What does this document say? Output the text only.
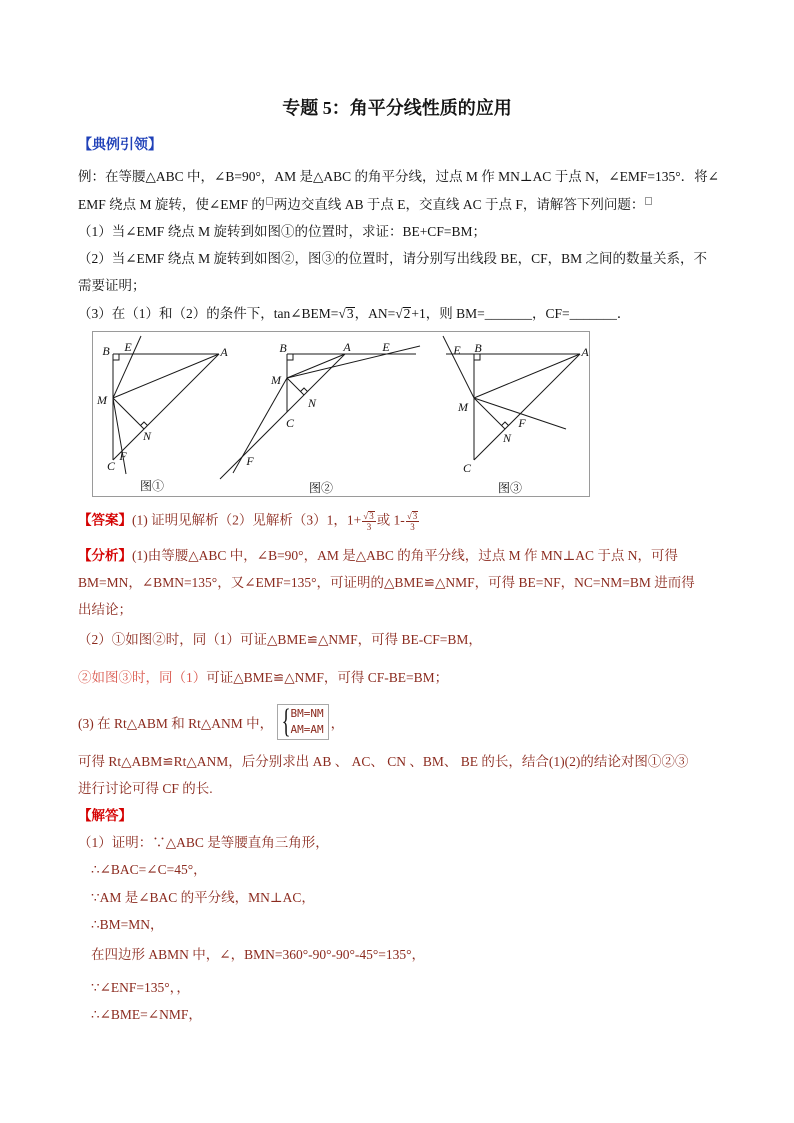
专题 5：角平分线性质的应用
【典例引领】
例：在等腰△ABC 中，∠B=90°，AM 是△ABC 的角平分线，过点 M 作 MN⊥AC 于点 N，∠EMF=135°．将∠
EMF 绕点 M 旋转，使∠EMF 的 两边交直线 AB 于点 E，交直线 AC 于点 F，请解答下列问题：
（1）当∠EMF 绕点 M 旋转到如图①的位置时，求证：BE+CF=BM；
（2）当∠EMF 绕点 M 旋转到如图②，图③的位置时，请分别写出线段 BE，CF，BM 之间的数量关系，不
需要证明；
（3）在（1）和（2）的条件下，tan∠BEM=√3，AN=√2+1，则 BM=_______，CF=_______．
B E	A
M
N
C
F
图①
B	A	E
M
N
C
F
图②
E B	A
M
N
F
C
图③
【答案】(1) 证明见解析（2）见解析（3）1，$1+ \frac{√3}{3}$ 或 $1- \frac{√3}{3}$
【分析】(1)由等腰△ABC 中，∠B=90°，AM 是△ABC 的角平分线，过点 M 作 MN⊥AC 于点 N，可得
BM=MN，∠BMN=135°，又∠EMF=135°，可证明的△BME≌△NMF，可得 BE=NF，NC=NM=BM 进而得
出结论；
（2）①如图②时，同（1）可证△BME≌△NMF，可得 BE-CF=BM，
②如图③时，同（1）可证△BME≌△NMF，可得 CF-BE=BM；
(3) 在 Rt△ABM 和 Rt△ANM 中， { BM=NM
AM=AM ，
可得 Rt△ABM≌Rt△ANM，后分别求出 AB 、 AC、 CN 、BM、 BE 的长，结合(1)(2)的结论对图①②③
进行讨论可得 CF 的长.
【解答】
（1）证明：∵△ABC 是等腰直角三角形，
∴∠BAC=∠C=45°，
∵AM 是∠BAC 的平分线，MN⊥AC，
∴BM=MN，
在四边形 ABMN 中，∠，BMN=360°-90°-90°-45°=135°，
∵∠ENF=135°，，
∴∠BME=∠NMF，
